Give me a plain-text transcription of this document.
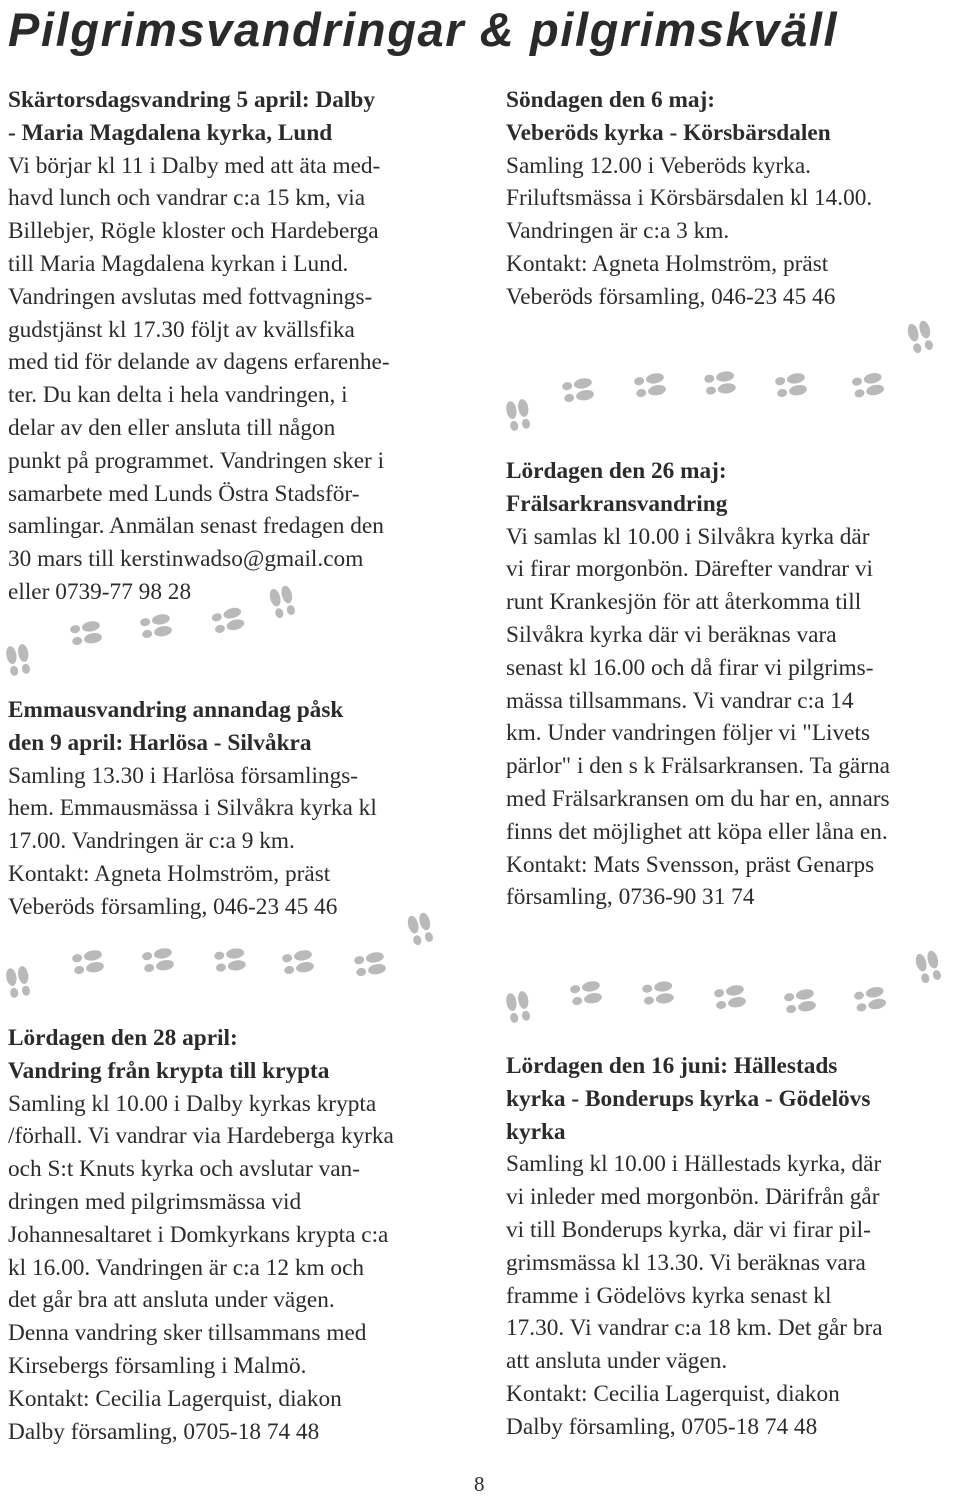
Pilgrimsvandringar & pilgrimskväll
Skärtorsdagsvandring 5 april: Dalby
- Maria Magdalena kyrka, Lund
Vi börjar kl 11 i Dalby med att äta med-
havd lunch och vandrar c:a 15 km, via
Billebjer, Rögle kloster och Hardeberga
till Maria Magdalena kyrkan i Lund.
Vandringen avslutas med fottvagnings-
gudstjänst kl 17.30 följt av kvällsfika
med tid för delande av dagens erfarenhe-
ter. Du kan delta i hela vandringen, i
delar av den eller ansluta till någon
punkt på programmet. Vandringen sker i
samarbete med Lunds Östra Stadsför-
samlingar. Anmälan senast fredagen den
30 mars till kerstinwadso@gmail.com
eller 0739-77 98 28
Emmausvandring annandag påsk
den 9 april: Harlösa - Silvåkra
Samling 13.30 i Harlösa församlings-
hem. Emmausmässa i Silvåkra kyrka kl
17.00. Vandringen är c:a 9 km.
Kontakt: Agneta Holmström, präst
Veberöds församling, 046-23 45 46
Lördagen den 28 april:
Vandring från krypta till krypta
Samling kl 10.00 i Dalby kyrkas krypta
/förhall. Vi vandrar via Hardeberga kyrka
och S:t Knuts kyrka och avslutar van-
dringen med pilgrimsmässa vid
Johannesaltaret i Domkyrkans krypta c:a
kl 16.00. Vandringen är c:a 12 km och
det går bra att ansluta under vägen.
Denna vandring sker tillsammans med
Kirsebergs församling i Malmö.
Kontakt: Cecilia Lagerquist, diakon
Dalby församling, 0705-18 74 48
Söndagen den 6 maj:
Veberöds kyrka - Körsbärsdalen
Samling 12.00 i Veberöds kyrka.
Friluftsmässa i Körsbärsdalen kl 14.00.
Vandringen är c:a 3 km.
Kontakt: Agneta Holmström, präst
Veberöds församling, 046-23 45 46
Lördagen den 26 maj:
Frälsarkransvandring
Vi samlas kl 10.00 i Silvåkra kyrka där
vi firar morgonbön. Därefter vandrar vi
runt Krankesjön för att återkomma till
Silvåkra kyrka där vi beräknas vara
senast kl 16.00 och då firar vi pilgrims-
mässa tillsammans. Vi vandrar c:a 14
km. Under vandringen följer vi "Livets
pärlor" i den s k Frälsarkransen. Ta gärna
med Frälsarkransen om du har en, annars
finns det möjlighet att köpa eller låna en.
Kontakt: Mats Svensson, präst Genarps
församling, 0736-90 31 74
Lördagen den 16 juni: Hällestads
kyrka - Bonderups kyrka - Gödelövs
kyrka
Samling kl 10.00 i Hällestads kyrka, där
vi inleder med morgonbön. Därifrån går
vi till Bonderups kyrka, där vi firar pil-
grimsmässa kl 13.30. Vi beräknas vara
framme i Gödelövs kyrka senast kl
17.30. Vi vandrar c:a 18 km. Det går bra
att ansluta under vägen.
Kontakt: Cecilia Lagerquist, diakon
Dalby församling, 0705-18 74 48
8
